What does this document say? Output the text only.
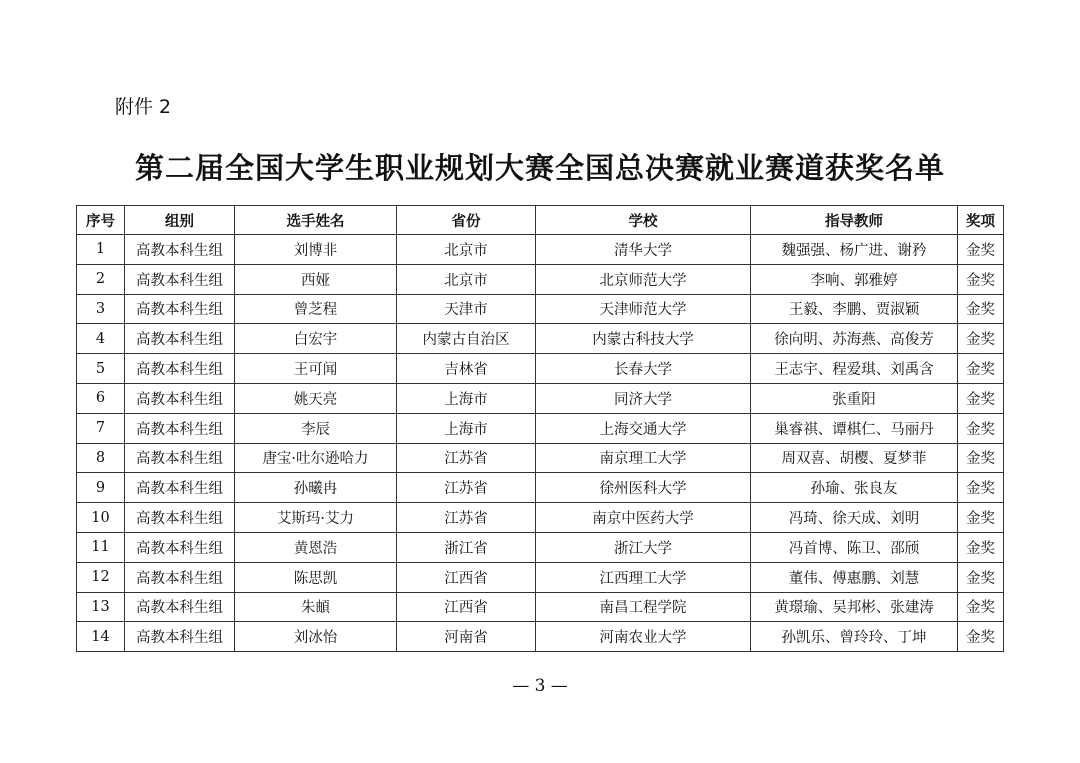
附件 2
第二届全国大学生职业规划大赛全国总决赛就业赛道获奖名单
序号	组别	选手姓名	省份	学校	指导教师	奖项
1	高教本科生组	刘博非	北京市	清华大学	魏强强、杨广进、谢矜	金奖
2	高教本科生组	西娅	北京市	北京师范大学	李响、郭雅婷	金奖
3	高教本科生组	曾芝程	天津市	天津师范大学	王毅、李鹏、贾淑颖	金奖
4	高教本科生组	白宏宇	内蒙古自治区	内蒙古科技大学	徐向明、苏海燕、高俊芳	金奖
5	高教本科生组	王可闻	吉林省	长春大学	王志宇、程爱琪、刘禹含	金奖
6	高教本科生组	姚天亮	上海市	同济大学	张重阳	金奖
7	高教本科生组	李辰	上海市	上海交通大学	巢睿祺、谭棋仁、马丽丹	金奖
8	高教本科生组	唐宝·吐尔逊哈力	江苏省	南京理工大学	周双喜、胡樱、夏梦菲	金奖
9	高教本科生组	孙曦冉	江苏省	徐州医科大学	孙瑜、张良友	金奖
10	高教本科生组	艾斯玛·艾力	江苏省	南京中医药大学	冯琦、徐天成、刘明	金奖
11	高教本科生组	黄恩浩	浙江省	浙江大学	冯首博、陈卫、邵颀	金奖
12	高教本科生组	陈思凯	江西省	江西理工大学	董伟、傅惠鹏、刘慧	金奖
13	高教本科生组	朱頔	江西省	南昌工程学院	黄璟瑜、吴邦彬、张建涛	金奖
14	高教本科生组	刘冰怡	河南省	河南农业大学	孙凯乐、曾玲玲、丁坤	金奖
— 3 —
